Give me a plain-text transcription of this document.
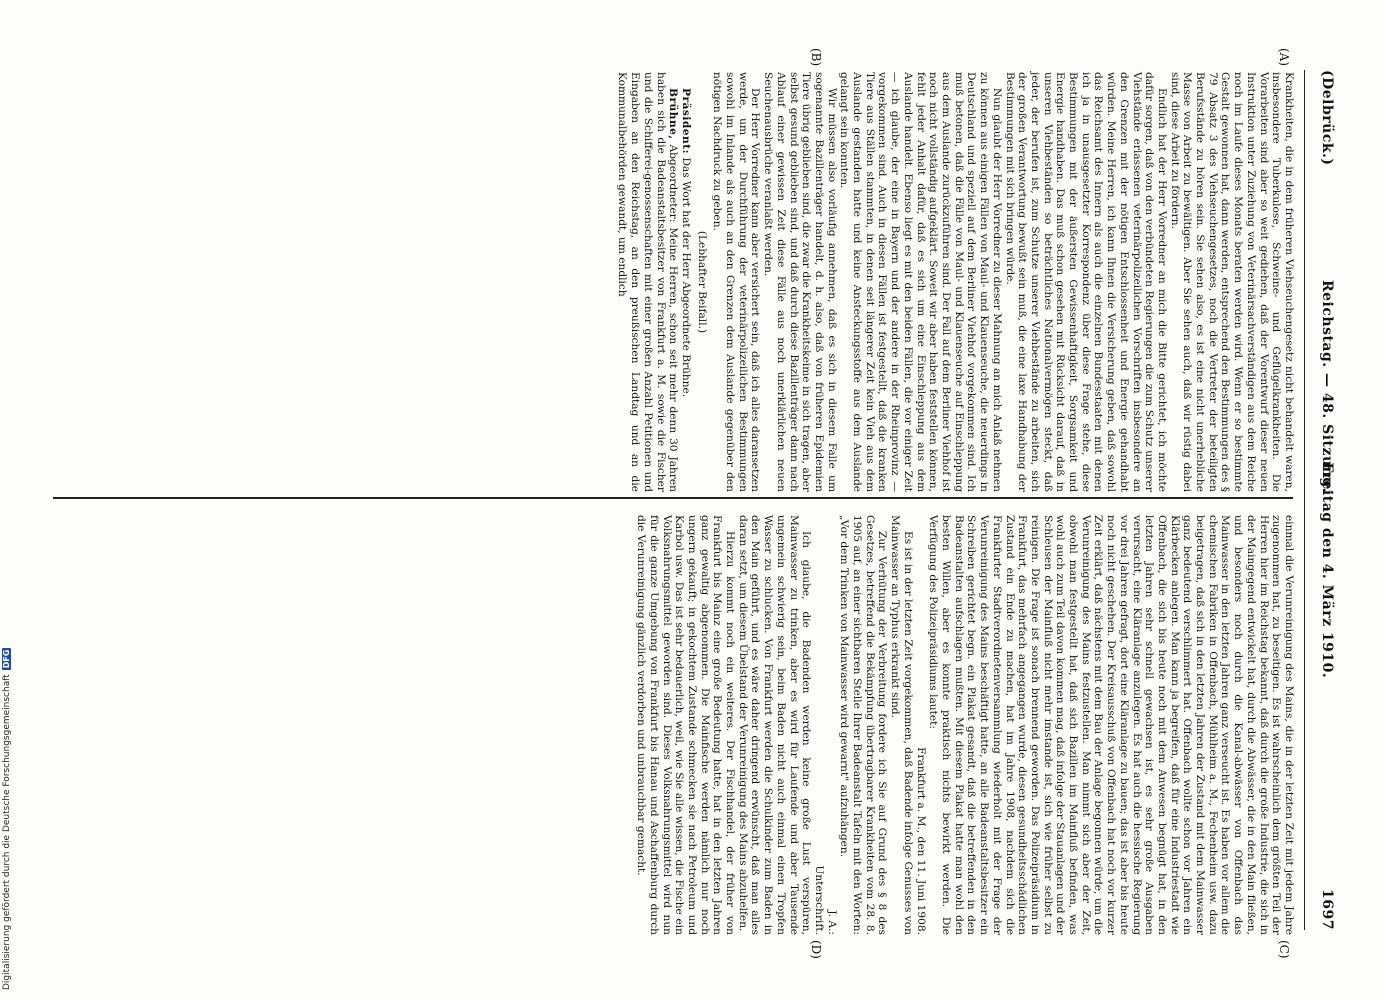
(Delbrück.)
Reichstag. — 48. Sitzung.
Freitag den 4. März 1910.  1697
(A)
(B)
(C)
(D)

Krankheiten, die in dem früheren Viehseuchengesetz nicht behandelt waren, insbesondere Tuberkulose, Schweine- und Geflügelkrankheiten. Die Vorarbeiten sind aber so weit gediehen, daß der Vorentwurf dieser neuen Instruktion unter Zuziehung von Veterinärsachverständigen aus dem Reiche noch im Laufe dieses Monats beraten werden wird. Wenn er so bestimmte Gestalt gewonnen hat, dann werden, entsprechend den Bestimmungen des § 79 Absatz 3 des Viehseuchengesetzes, noch die Vertreter der beteiligten Berufsstände zu hören sein. Sie sehen also, es ist eine nicht unerhebliche Masse von Arbeit zu bewältigen. Aber Sie sehen auch, daß wir rüstig dabei sind, diese Arbeit zu fördern.

Endlich hat der Herr Vorredner an mich die Bitte gerichtet, ich möchte dafür sorgen, daß von den verbündeten Regierungen die zum Schutz unserer Viehstände erlassenen veterinärpolizeilichen Vorschriften insbesondere an den Grenzen mit der nötigen Entschlossenheit und Energie gehandhabt würden. Meine Herren, ich kann Ihnen die Versicherung geben, daß sowohl das Reichsamt des Innern als auch die einzelnen Bundesstaaten mit denen ich ja in unausgesetzter Korrespondenz über diese Frage stehe, diese Bestimmungen mit der äußersten Gewissenhaftigkeit, Sorgsamkeit und Energie handhaben. Das muß schon gesehen mit Rücksicht darauf, daß in unseren Viehbeständen so beträchtliches Nationalvermögen steckt, daß jeder, der berufen ist, zum Schutze unserer Viehbestände zu arbeiten, sich der großen Verantwortung bewußt sein muß, die eine laxe Handhabung der Bestimmungen mit sich bringen würde.

Nun glaubt der Herr Vorredner zu dieser Mahnung an mich Anlaß nehmen zu können aus einigen Fällen von Maul- und Klauenseuche, die neuerdings in Deutschland und speziell auf dem Berliner Viehhof vorgekommen sind. Ich muß betonen, daß die Fälle von Maul- und Klauenseuche auf Einschleppung aus dem Auslande zurückzuführen sind. Der Fall auf dem Berliner Viehhof ist noch nicht vollständig aufgeklärt. Soweit wir aber haben feststellen können, fehlt jeder Anhalt dafür, daß es sich um eine Einschleppung aus dem Auslande handelt. Ebenso liegt es mit den beiden Fällen, die vor einiger Zeit — ich glaube, der eine in Bayern und der andere in der Rheinprovinz — vorgekommen sind. Auch in diesen Fällen ist festgestellt, daß die kranken Tiere aus Ställen stammten, in denen seit längerer Zeit kein Vieh aus dem Auslande gestanden hatte und keine Ansteckungsstoffe aus dem Auslande gelangt sein konnten.

Wir müssen also vorläufig annehmen, daß es sich in diesem Falle um sogenannte Bazillenträger handelt, d. h. also, daß von früheren Epidemien Tiere übrig geblieben sind, die zwar die Krankheitskeime in sich tragen, aber selbst gesund geblieben sind, und daß durch diese Bazillenträger dann nach Ablauf einer gewissen Zeit diese Fälle aus noch unerklärlichen neuen Seuchenausbrüche veranlaßt werden.

Der Herr Vorredner kann aber versichert sein, daß ich alles daransetzen werde, um der Durchführung der veterinärpolizeilichen Bestimmungen sowohl im Inlande als auch an den Grenzen dem Auslande gegenüber den nötigen Nachdruck zu geben.

(Lebhafter Beifall.)

Präsident: Das Wort hat der Herr Abgeordnete Brühne.

Brühne, Abgeordneter: Meine Herren, schon seit mehr denn 30 Jahren haben sich die Badeanstaltsbesitzer von Frankfurt a. M. sowie die Fischer und die Schifferei-genossenschaften mit einer großen Anzahl Petitionen und Eingaben an den Reichstag, an den preußischen Landtag und an die Kommunalbehörden gewandt, um endlich

einmal die Verunreinigung des Mains, die in der letzten Zeit mit jedem Jahre zugenommen hat, zu beseitigen. Es ist wahrscheinlich dem größten Teil der Herren hier im Reichstag bekannt, daß durch die große Industrie, die sich in der Maingegend entwickelt hat, durch die Abwässer, die in den Main fließen, und besonders noch durch die Kanal-abwässer von Offenbach das Mainwasser in den letzten Jahren ganz verseucht ist. Es haben vor allem die chemischen Fabriken in Offenbach, Mühlheim a. M., Fechenheim usw. dazu beigetragen, daß sich in den letzten Jahren der Zustand mit dem Mainwasser ganz bedeutend verschlimmert hat. Offenbach wollte schon vor Jahren ein Klärbecken anlegen. Man kann ja begreifen, daß für eine Industriestadt wie Offenbach, die sich bis heute noch mit dem Anwesen begnügt hat, in den letzten Jahren sehr schnell gewachsen ist, es sehr große Ausgaben verursacht, eine Kläranlage anzulegen. Es hat auch die hessische Regierung vor drei Jahren gefragt, dort eine Kläranlage zu bauen; das ist aber bis heute noch nicht geschehen. Der Kreisausschuß von Offenbach hat noch vor kurzer Zeit erklärt, daß nächstens mit dem Bau der Anlage begonnen würde, um die Verunreinigung des Mains festzustellen. Man nimmt sich aber der Zeit, obwohl man festgestellt hat, daß sich Bazillen im Mainfluß befinden, was wohl auch zum Teil davon kommen mag, daß infolge der Stauanlagen und der Schleusen der Mainfluß nicht mehr imstande ist, sich wie früher selbst zu reinigen. Die Frage ist sonach brennend geworden. Das Polizeipräsidium in Frankfurt, das mehrfach angegangen wurde, diesen gesundheitsschädlichen Zustand ein Ende zu machen, hat im Jahre 1908, nachdem sich die Frankfurter Stadtverordnetenversammlung wiederholt mit der Frage der Verunreinigung des Mains beschäftigt hatte, an alle Badeanstaltsbesitzer ein Schreiben gerichtet begn. ein Plakat gesandt, daß die betreffenden in den Badeanstalten aufschlagen mußten. Mit diesem Plakat hatte man wohl den besten Willen, aber es konnte praktisch nichts bewirkt werden. Die Verfügung des Polizeipräsidiums lautet:

Frankfurt a. M., den 11. Juni 1908.

Es ist in der letzten Zeit vorgekommen, daß Badende infolge Genusses von Mainwasser an Typhus erkrankt sind.

Zur Verhütung der Verbreitung fordere ich Sie auf Grund des § 8 des Gesetzes, betreffend die Bekämpfung übertragbarer Krankheiten vom 28. 8. 1905 auf, an einer sichtbaren Stelle Ihrer Badeanstalt Tafeln mit den Worten: „Vor dem Trinken von Mainwasser wird gewarnt" aufzuhängen.

J. A.:

Unterschrift.

Ich glaube, die Badenden werden keine große Lust verspüren, Mainwasser zu trinken, aber es wird für Laufende und aber Tausende ungemein schwierig sein, beim Baden nicht auch einmal einen Tropfen Wasser zu schlucken. Von Frankfurt werden die Schulkinder zum Baden in den Main geführt, und es wäre daher dringend erwünscht, daß man alles daran setzt, um diesem Übelstand der Verunreinigung des Mains abzuhelfen.

Hierzu kommt noch ein weiteres. Der Fischhandel, der früher von Frankfurt bis Mainz eine große Bedeutung hatte, hat in den letzten Jahren ganz gewaltig abgenommen. Die Mainfische werden nämlich nur noch ungern gekauft; in gekochtem Zustande schmecken sie nach Petroleum und Karbol usw. Das ist sehr bedauerlich, weil, wie Sie alle wissen, die Fische ein Volksnahrungsmittel geworden sind. Dieses Volksnahrungsmittel wird nun für die ganze Umgebung von Frankfurt bis Hanau und Aschaffenburg durch die Verunreinigung gänzlich verdorben und unbrauchbar gemacht.

Digitalisierung gefördert durch die Deutsche ForschungsgemeinschaftDFG
